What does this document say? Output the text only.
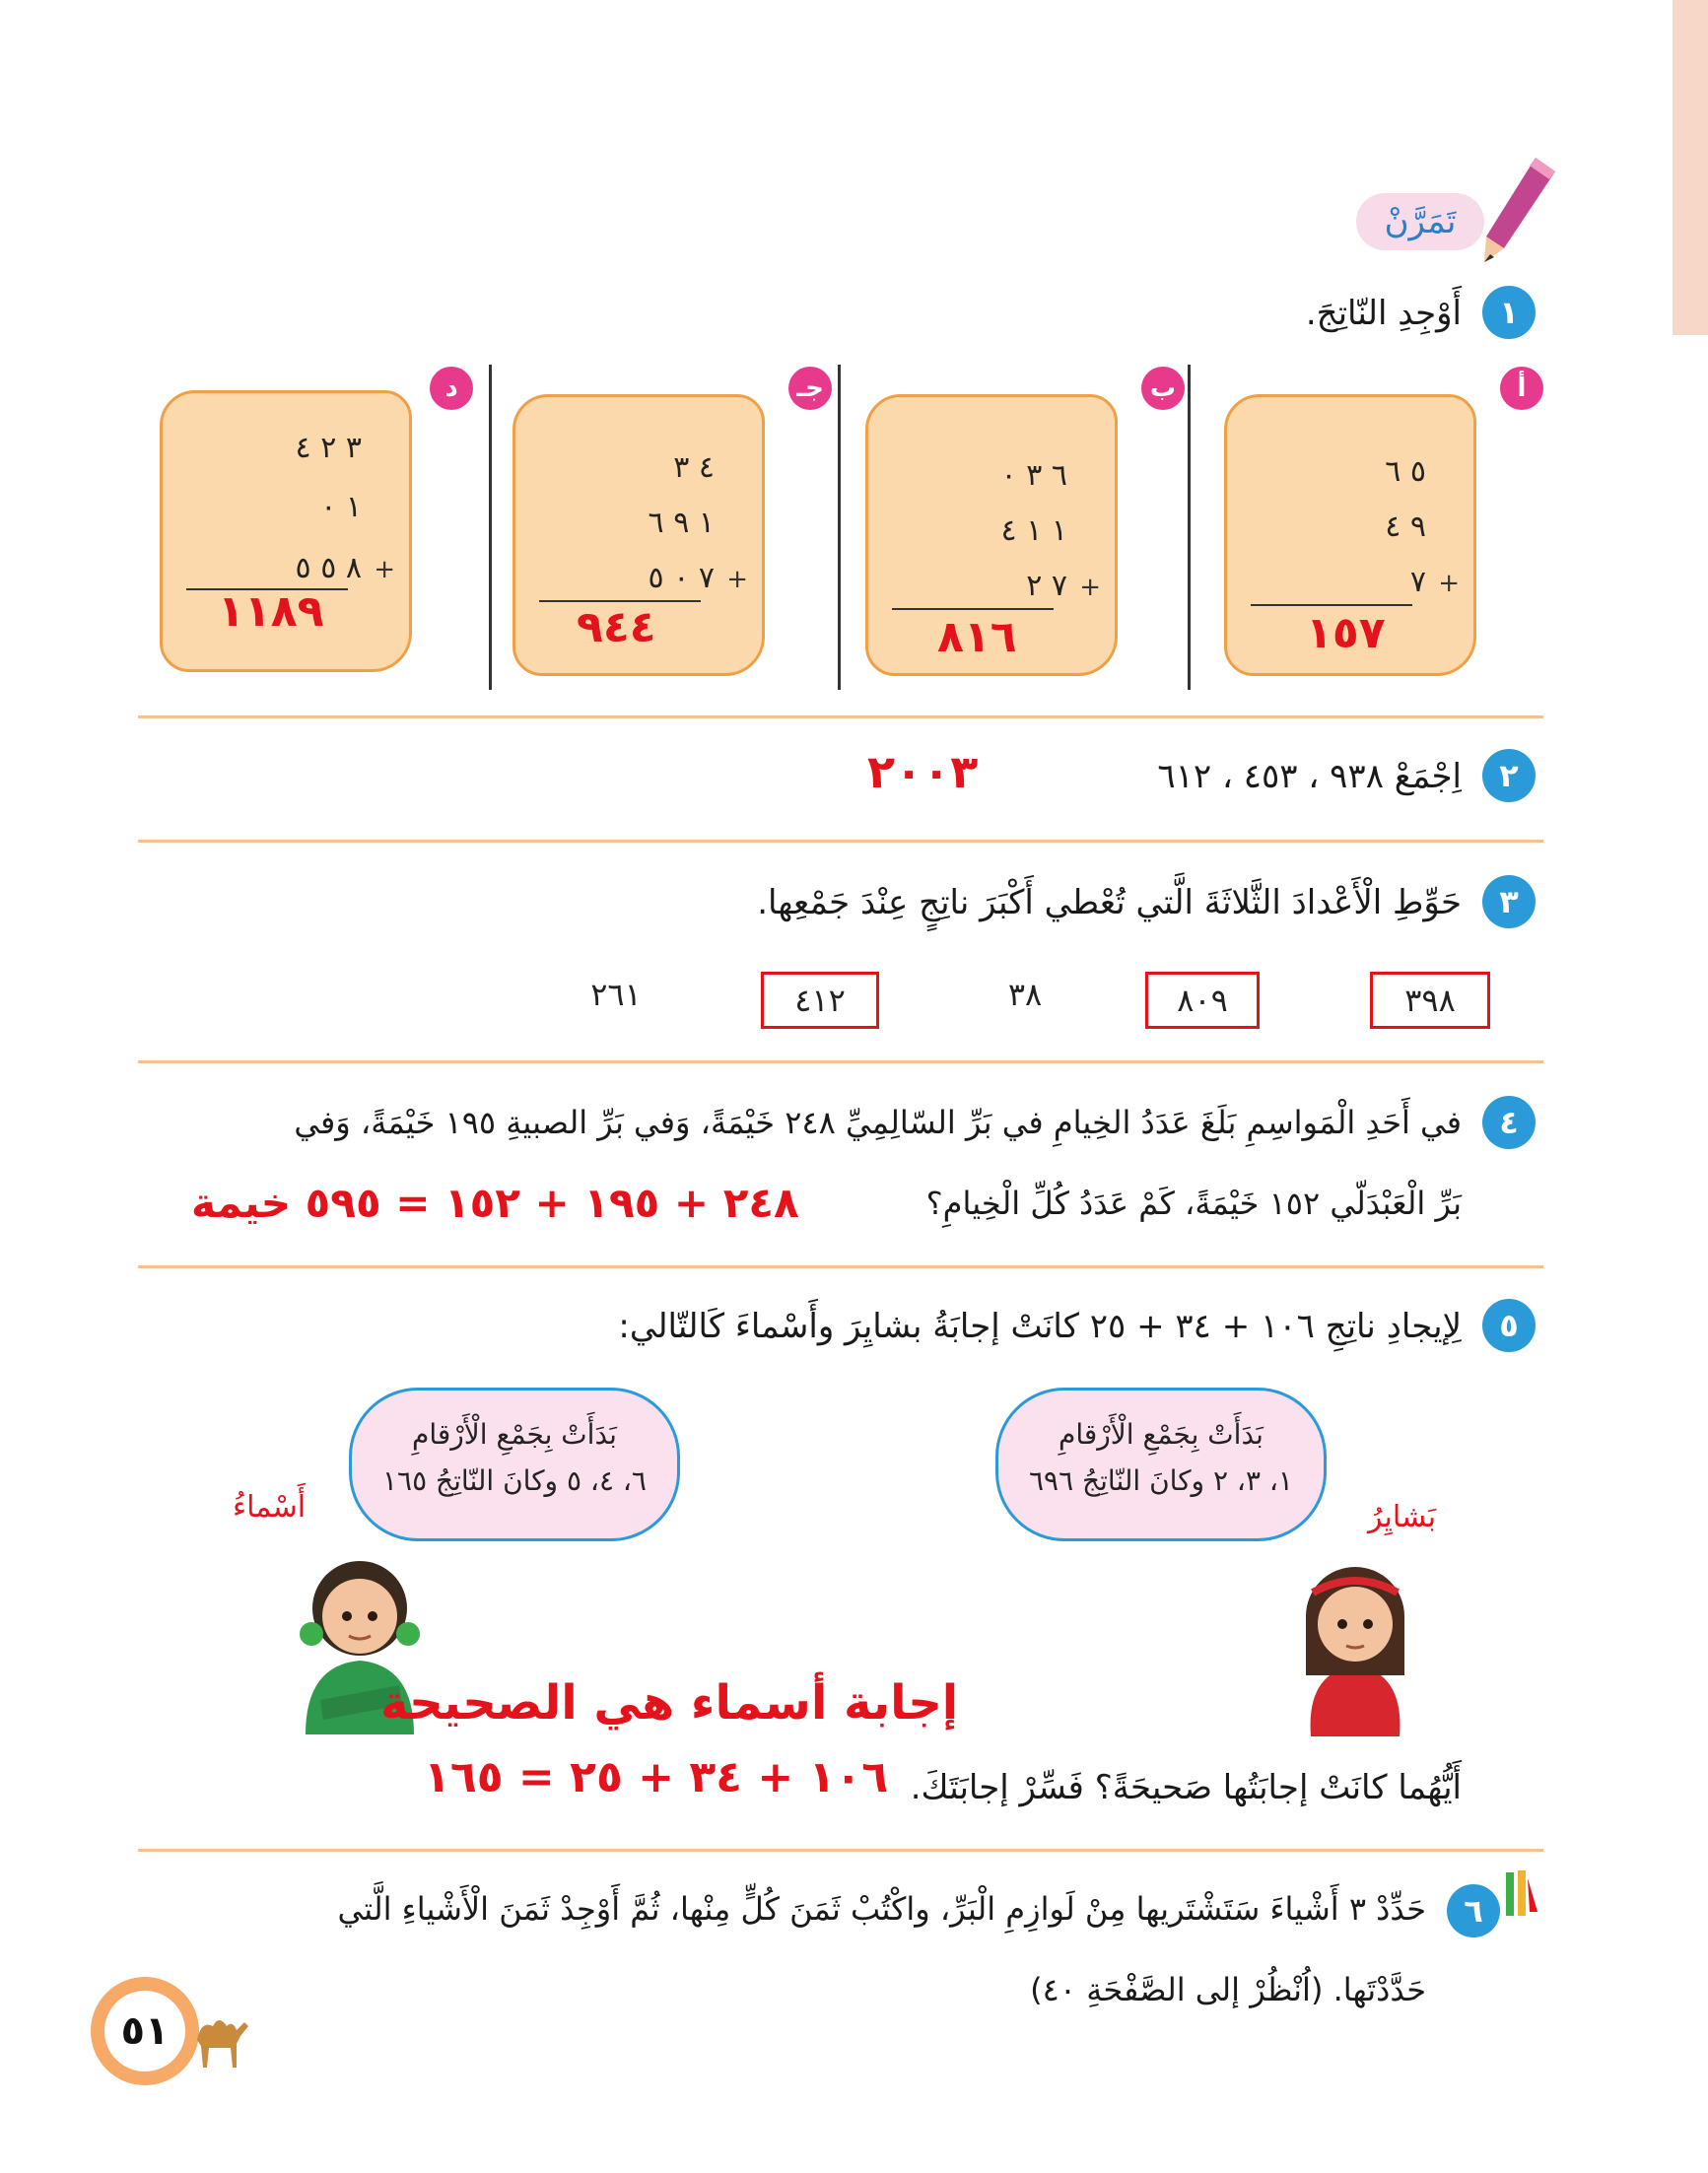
تَمَرَّنْ
١
أَوْجِدِ النّاتِجَ.
أ
٥ ٦
٩ ٤
٧ +
١٥٧
ب
٦ ٣ ٠
١ ١ ٤
٧ ٢ +
٨١٦
جـ
٤ ٣
١ ٩ ٦
٧ ٠ ٥ +
٩٤٤
د
٣ ٢ ٤
١ ٠
٨ ٥ ٥ +
١١٨٩
٢
اِجْمَعْ ٩٣٨ ، ٤٥٣ ، ٦١٢
٢٠٠٣
٣
حَوِّطِ الْأَعْدادَ الثَّلاثَةَ الَّتي تُعْطي أَكْبَرَ ناتِجٍ عِنْدَ جَمْعِها.
٣٩٨
٨٠٩
٣٨
٤١٢
٢٦١
٤
في أَحَدِ الْمَواسِمِ بَلَغَ عَدَدُ الخِيامِ في بَرِّ السّالِمِيِّ ٢٤٨ خَيْمَةً، وَفي بَرِّ الصبيةِ ١٩٥ خَيْمَةً، وَفي
بَرِّ الْعَبْدَلّي ١٥٢ خَيْمَةً، كَمْ عَدَدُ كُلِّ الْخِيامِ؟
٢٤٨ + ١٩٥ + ١٥٢ = ٥٩٥ خيمة
٥
لِإيجادِ ناتِجِ ١٠٦ + ٣٤ + ٢٥ كانَتْ إجابَةُ بشايِرَ وأَسْماءَ كَالتّالي:
بَدَأَتْ بِجَمْعِ الْأَرْقامِ
٦، ٤، ٥ وكانَ النّاتِجُ ١٦٥
بَدَأَتْ بِجَمْعِ الْأَرْقامِ
١، ٣، ٢ وكانَ النّاتِجُ ٦٩٦
أَسْماءُ	بَشايِرُ
إجابة أسماء هي الصحيحة
١٠٦ + ٣٤ + ٢٥ = ١٦٥ أَيُّهُما كانَتْ إجابَتُها صَحيحَةً؟ فَسِّرْ إجابَتَكَ.
٦
حَدِّدْ ٣ أَشْياءَ سَتَشْتَريها مِنْ لَوازِمِ الْبَرِّ، واكْتُبْ ثَمَنَ كُلٍّ مِنْها، ثُمَّ أَوْجِدْ ثَمَنَ الْأَشْياءِ الَّتي
حَدَّدْتَها. (اُنْظُرْ إلى الصَّفْحَةِ ٤٠)
٥١
